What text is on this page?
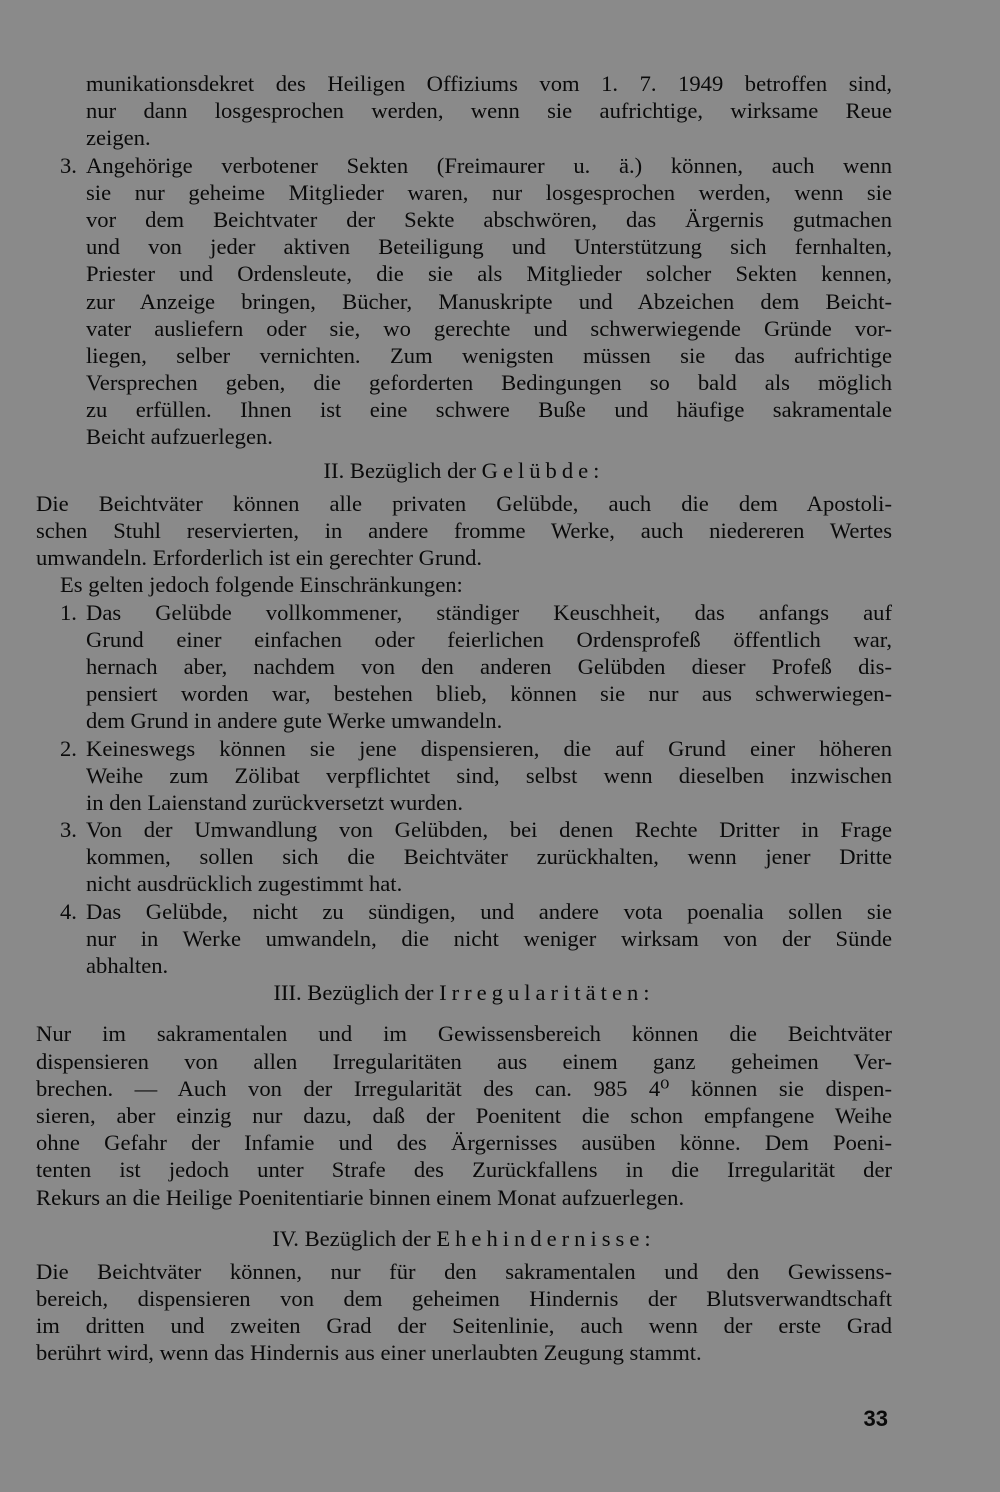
munikationsdekret des Heiligen Offiziums vom 1. 7. 1949 betroffen sind,
nur dann losgesprochen werden, wenn sie aufrichtige, wirksame Reue
zeigen.
3. Angehörige verbotener Sekten (Freimaurer u. ä.) können, auch wenn
sie nur geheime Mitglieder waren, nur losgesprochen werden, wenn sie
vor dem Beichtvater der Sekte abschwören, das Ärgernis gutmachen
und von jeder aktiven Beteiligung und Unterstützung sich fernhalten,
Priester und Ordensleute, die sie als Mitglieder solcher Sekten kennen,
zur Anzeige bringen, Bücher, Manuskripte und Abzeichen dem Beicht-
vater ausliefern oder sie, wo gerechte und schwerwiegende Gründe vor-
liegen, selber vernichten. Zum wenigsten müssen sie das aufrichtige
Versprechen geben, die geforderten Bedingungen so bald als möglich
zu erfüllen. Ihnen ist eine schwere Buße und häufige sakramentale
Beicht aufzuerlegen.
II. Bezüglich der Gelübde:
Die Beichtväter können alle privaten Gelübde, auch die dem Apostoli-
schen Stuhl reservierten, in andere fromme Werke, auch niedereren Wertes
umwandeln. Erforderlich ist ein gerechter Grund.
Es gelten jedoch folgende Einschränkungen:
1. Das Gelübde vollkommener, ständiger Keuschheit, das anfangs auf
Grund einer einfachen oder feierlichen Ordensprofeß öffentlich war,
hernach aber, nachdem von den anderen Gelübden dieser Profeß dis-
pensiert worden war, bestehen blieb, können sie nur aus schwerwiegen-
dem Grund in andere gute Werke umwandeln.
2. Keineswegs können sie jene dispensieren, die auf Grund einer höheren
Weihe zum Zölibat verpflichtet sind, selbst wenn dieselben inzwischen
in den Laienstand zurückversetzt wurden.
3. Von der Umwandlung von Gelübden, bei denen Rechte Dritter in Frage
kommen, sollen sich die Beichtväter zurückhalten, wenn jener Dritte
nicht ausdrücklich zugestimmt hat.
4. Das Gelübde, nicht zu sündigen, und andere vota poenalia sollen sie
nur in Werke umwandeln, die nicht weniger wirksam von der Sünde
abhalten.
III. Bezüglich der Irregularitäten:
Nur im sakramentalen und im Gewissensbereich können die Beichtväter
dispensieren von allen Irregularitäten aus einem ganz geheimen Ver-
brechen. — Auch von der Irregularität des can. 985 4⁰ können sie dispen-
sieren, aber einzig nur dazu, daß der Poenitent die schon empfangene Weihe
ohne Gefahr der Infamie und des Ärgernisses ausüben könne. Dem Poeni-
tenten ist jedoch unter Strafe des Zurückfallens in die Irregularität der
Rekurs an die Heilige Poenitentiarie binnen einem Monat aufzuerlegen.
IV. Bezüglich der Ehehindernisse:
Die Beichtväter können, nur für den sakramentalen und den Gewissens-
bereich, dispensieren von dem geheimen Hindernis der Blutsverwandtschaft
im dritten und zweiten Grad der Seitenlinie, auch wenn der erste Grad
berührt wird, wenn das Hindernis aus einer unerlaubten Zeugung stammt.
33
